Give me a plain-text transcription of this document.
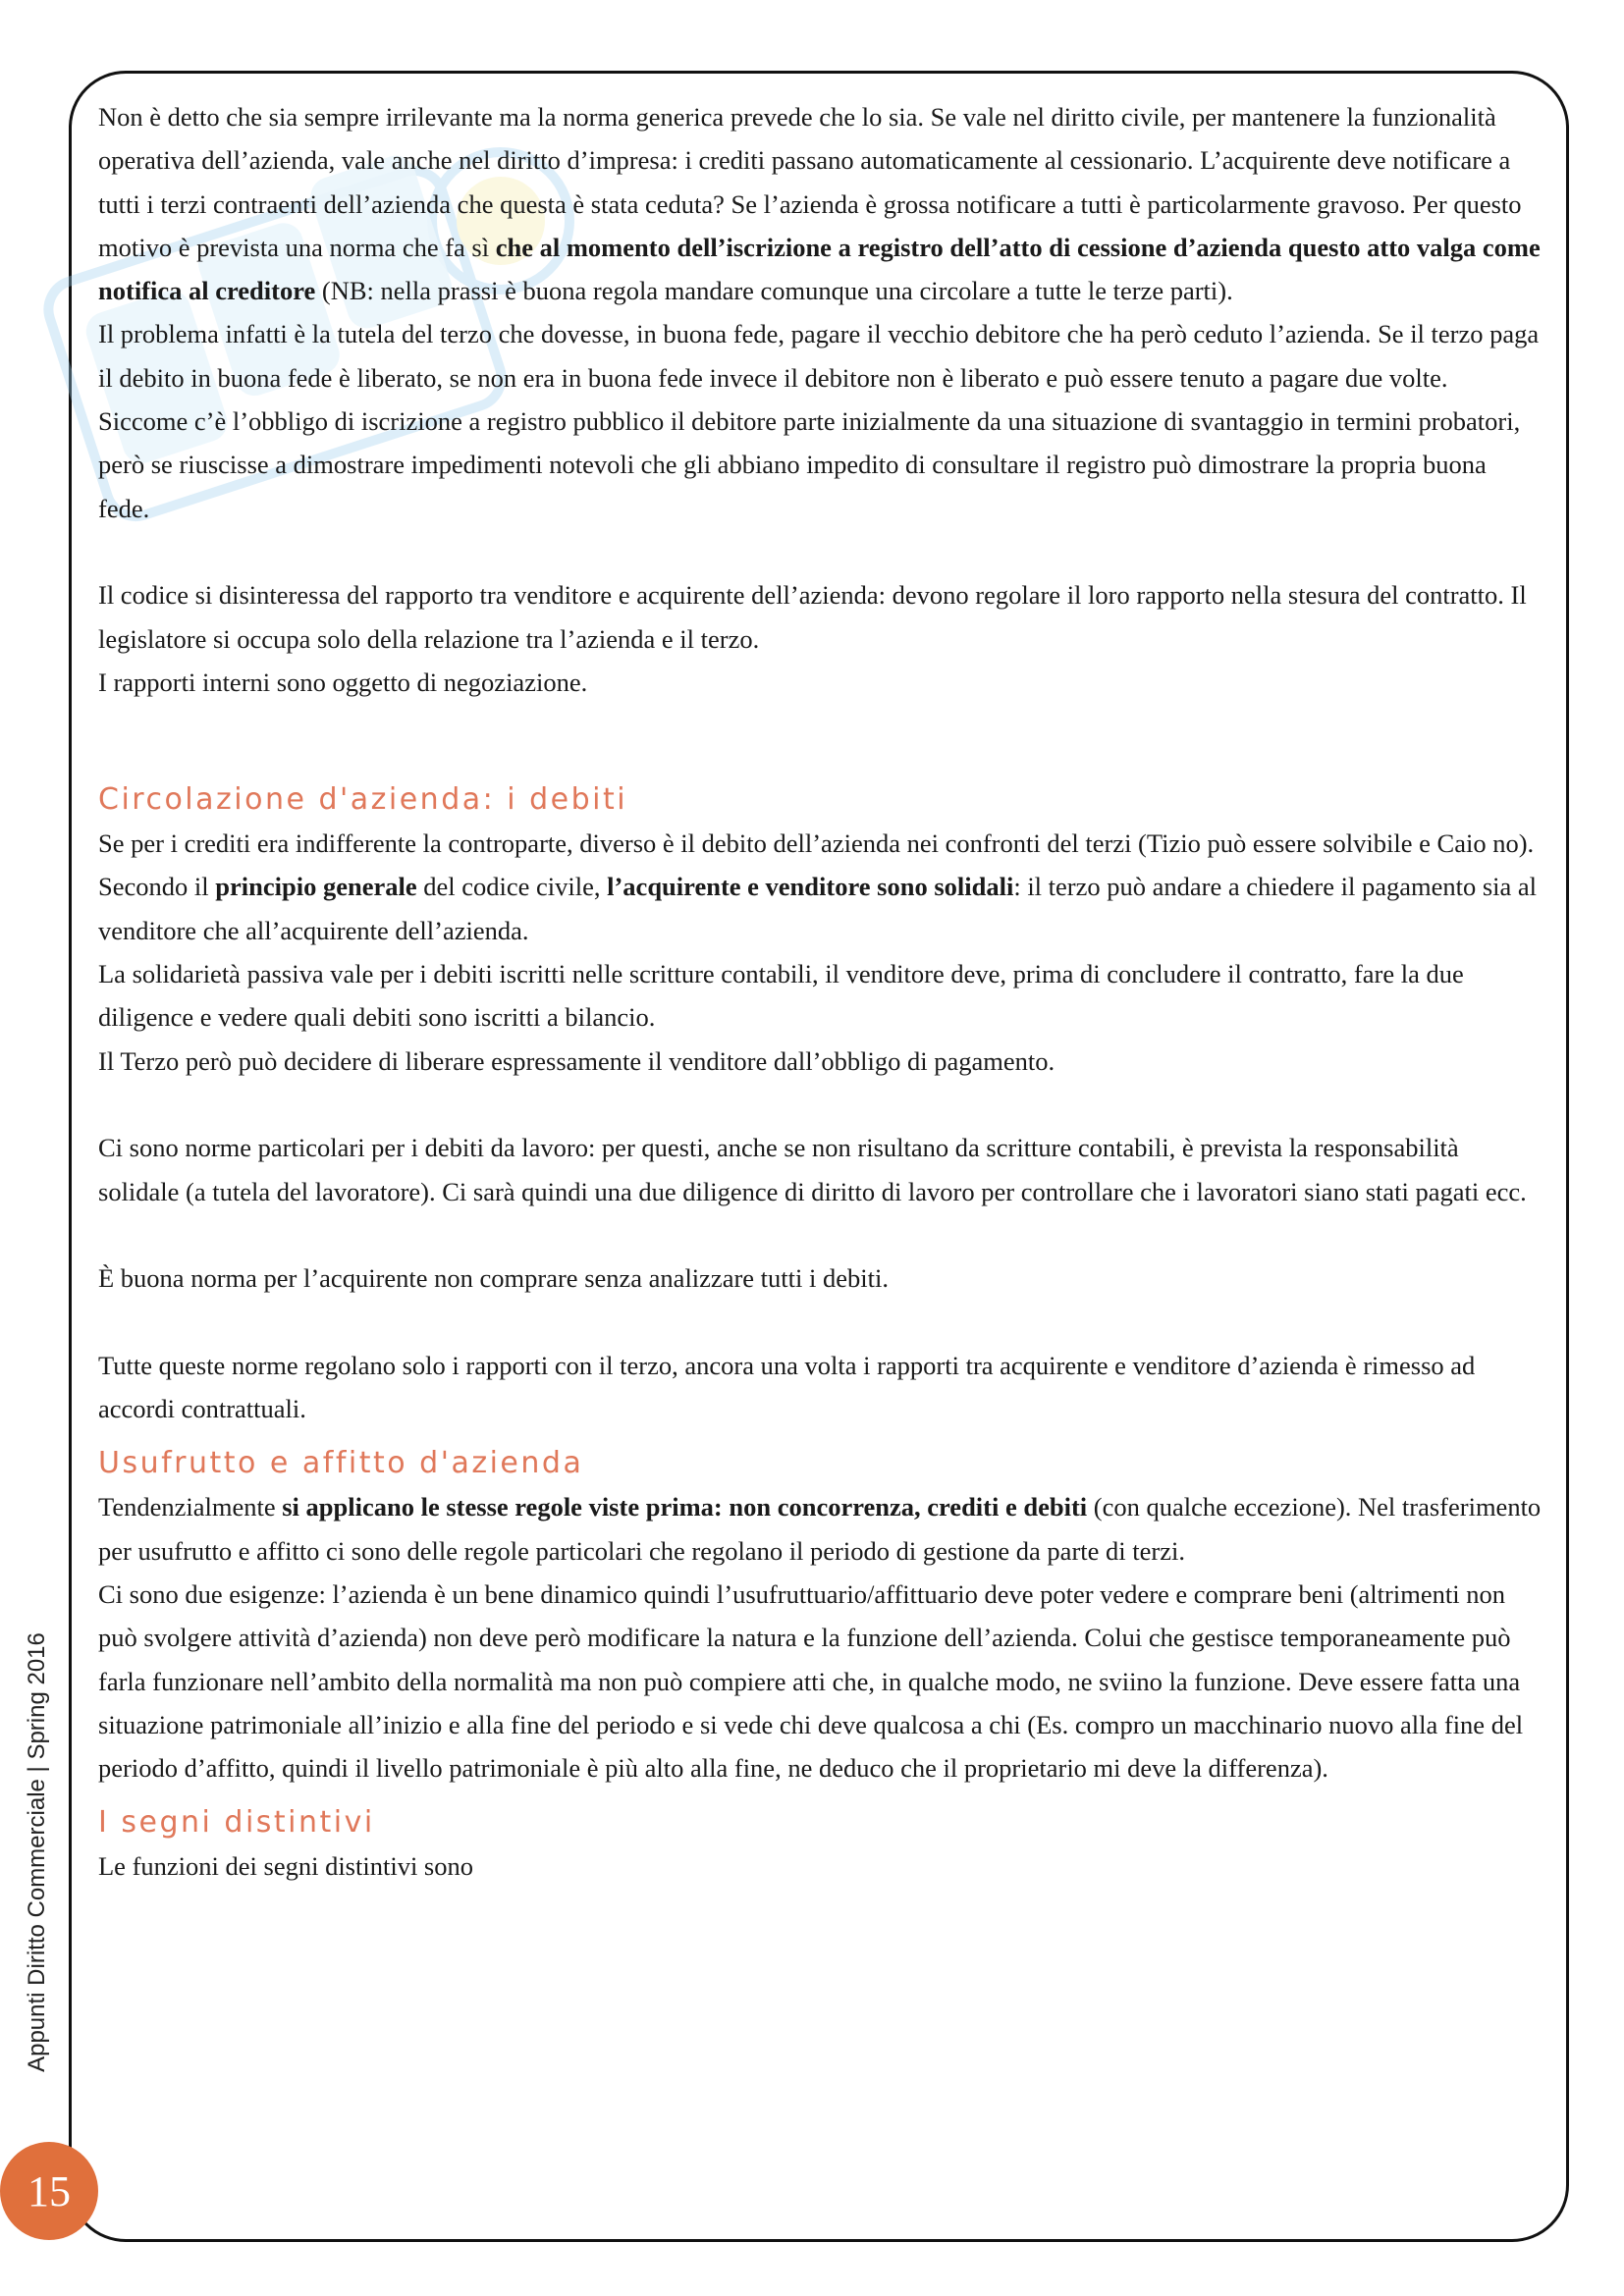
Non è detto che sia sempre irrilevante ma la norma generica prevede che lo sia. Se vale nel diritto civile, per mantenere la funzionalità operativa dell’azienda, vale anche nel diritto d’impresa: i crediti passano automaticamente al cessionario. L’acquirente deve notificare a tutti i terzi contraenti dell’azienda che questa è stata ceduta? Se l’azienda è grossa notificare a tutti è particolarmente gravoso. Per questo motivo è prevista una norma che fa sì che al momento dell’iscrizione a registro dell’atto di cessione d’azienda questo atto valga come notifica al creditore (NB: nella prassi è buona regola mandare comunque una circolare a tutte le terze parti).

Il problema infatti è la tutela del terzo che dovesse, in buona fede, pagare il vecchio debitore che ha però ceduto l’azienda. Se il terzo paga il debito in buona fede è liberato, se non era in buona fede invece il debitore non è liberato e può essere tenuto a pagare due volte. Siccome c’è l’obbligo di iscrizione a registro pubblico il debitore parte inizialmente da una situazione di svantaggio in termini probatori, però se riuscisse a dimostrare impedimenti notevoli che gli abbiano impedito di consultare il registro può dimostrare la propria buona fede.

Il codice si disinteressa del rapporto tra venditore e acquirente dell’azienda: devono regolare il loro rapporto nella stesura del contratto. Il legislatore si occupa solo della relazione tra l’azienda e il terzo.

I rapporti interni sono oggetto di negoziazione.

Circolazione d'azienda: i debiti

Se per i crediti era indifferente la controparte, diverso è il debito dell’azienda nei confronti del terzi (Tizio può essere solvibile e Caio no). Secondo il principio generale del codice civile, l’acquirente e venditore sono solidali: il terzo può andare a chiedere il pagamento sia al venditore che all’acquirente dell’azienda.

La solidarietà passiva vale per i debiti iscritti nelle scritture contabili, il venditore deve, prima di concludere il contratto, fare la due diligence e vedere quali debiti sono iscritti a bilancio.

Il Terzo però può decidere di liberare espressamente il venditore dall’obbligo di pagamento.

Ci sono norme particolari per i debiti da lavoro: per questi, anche se non risultano da scritture contabili, è prevista la responsabilità solidale (a tutela del lavoratore). Ci sarà quindi una due diligence di diritto di lavoro per controllare che i lavoratori siano stati pagati ecc.

È buona norma per l’acquirente non comprare senza analizzare tutti i debiti.

Tutte queste norme regolano solo i rapporti con il terzo, ancora una volta i rapporti tra acquirente e venditore d’azienda è rimesso ad accordi contrattuali.

Usufrutto e affitto d'azienda

Tendenzialmente si applicano le stesse regole viste prima: non concorrenza, crediti e debiti (con qualche eccezione). Nel trasferimento per usufrutto e affitto ci sono delle regole particolari che regolano il periodo di gestione da parte di terzi.

Ci sono due esigenze: l’azienda è un bene dinamico quindi l’usufruttuario/affittuario deve poter vedere e comprare beni (altrimenti non può svolgere attività d’azienda) non deve però modificare la natura e la funzione dell’azienda. Colui che gestisce temporaneamente può farla funzionare nell’ambito della normalità ma non può compiere atti che, in qualche modo, ne sviino la funzione. Deve essere fatta una situazione patrimoniale all’inizio e alla fine del periodo e si vede chi deve qualcosa a chi (Es. compro un macchinario nuovo alla fine del periodo d’affitto, quindi il livello patrimoniale è più alto alla fine, ne deduco che il proprietario mi deve la differenza).

I segni distintivi

Le funzioni dei segni distintivi sono

Appunti Diritto Commerciale | Spring 2016
15
